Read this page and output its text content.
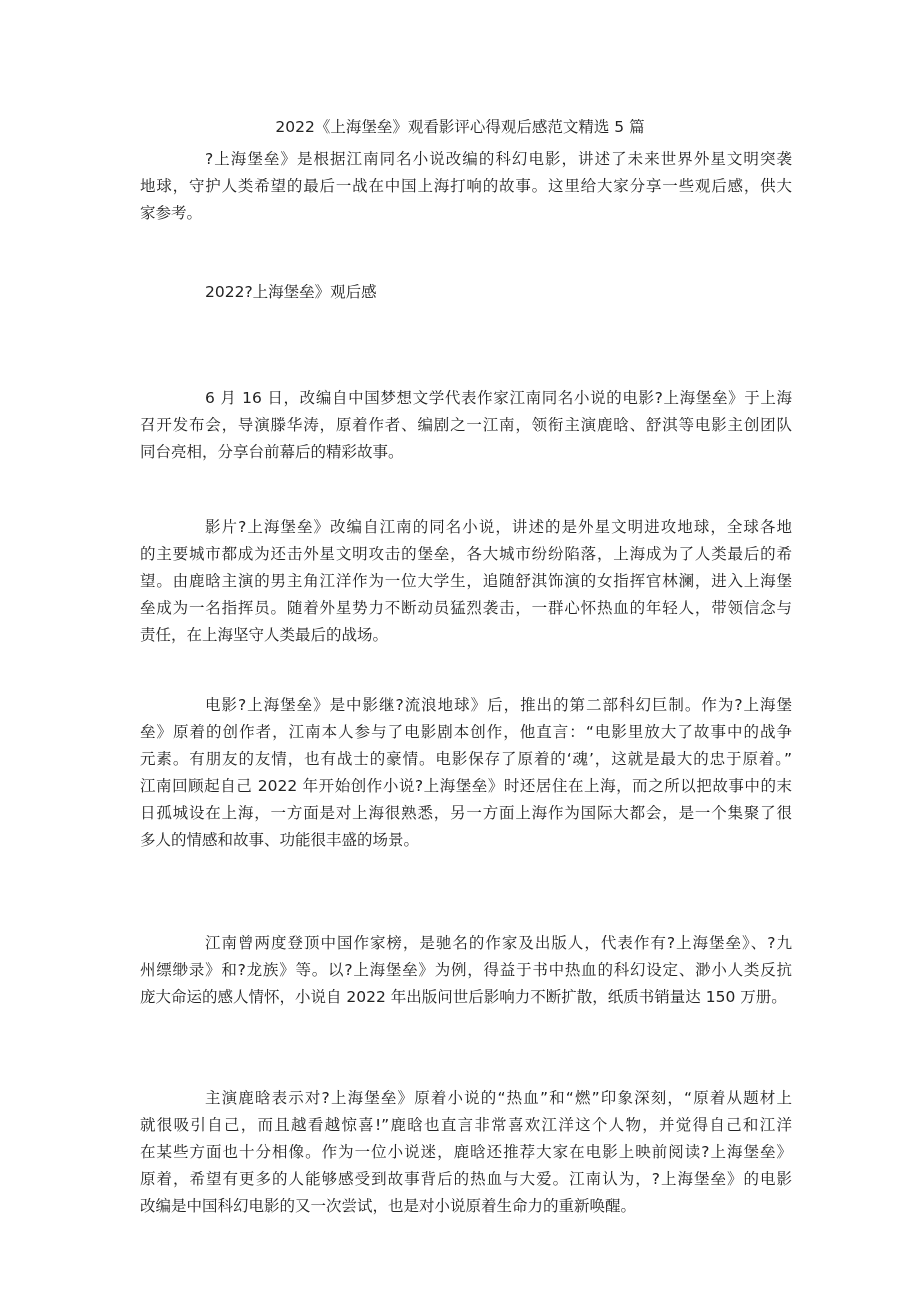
2022《上海堡垒》观看影评心得观后感范文精选 5 篇
?上海堡垒》是根据江南同名小说改编的科幻电影，讲述了未来世界外星文明突袭
地球，守护人类希望的最后一战在中国上海打响的故事。这里给大家分享一些观后感，供大
家参考。
2022?上海堡垒》观后感
6 月 16 日，改编自中国梦想文学代表作家江南同名小说的电影?上海堡垒》于上海
召开发布会，导演滕华涛，原着作者、编剧之一江南，领衔主演鹿晗、舒淇等电影主创团队
同台亮相，分享台前幕后的精彩故事。
影片?上海堡垒》改编自江南的同名小说，讲述的是外星文明进攻地球，全球各地
的主要城市都成为还击外星文明攻击的堡垒，各大城市纷纷陷落，上海成为了人类最后的希
望。由鹿晗主演的男主角江洋作为一位大学生，追随舒淇饰演的女指挥官林澜，进入上海堡
垒成为一名指挥员。随着外星势力不断动员猛烈袭击，一群心怀热血的年轻人，带领信念与
责任，在上海坚守人类最后的战场。
电影?上海堡垒》是中影继?流浪地球》后，推出的第二部科幻巨制。作为?上海堡
垒》原着的创作者，江南本人参与了电影剧本创作，他直言：“电影里放大了故事中的战争
元素。有朋友的友情，也有战士的豪情。电影保存了原着的‘魂’，这就是最大的忠于原着。”
江南回顾起自己 2022 年开始创作小说?上海堡垒》时还居住在上海，而之所以把故事中的末
日孤城设在上海，一方面是对上海很熟悉，另一方面上海作为国际大都会，是一个集聚了很
多人的情感和故事、功能很丰盛的场景。
江南曾两度登顶中国作家榜，是驰名的作家及出版人，代表作有?上海堡垒》、?九
州缥缈录》和?龙族》等。以?上海堡垒》为例，得益于书中热血的科幻设定、渺小人类反抗
庞大命运的感人情怀，小说自 2022 年出版问世后影响力不断扩散，纸质书销量达 150 万册。
主演鹿晗表示对?上海堡垒》原着小说的“热血”和“燃”印象深刻，“原着从题材上
就很吸引自己，而且越看越惊喜!”鹿晗也直言非常喜欢江洋这个人物，并觉得自己和江洋
在某些方面也十分相像。作为一位小说迷，鹿晗还推荐大家在电影上映前阅读?上海堡垒》
原着，希望有更多的人能够感受到故事背后的热血与大爱。江南认为，?上海堡垒》的电影
改编是中国科幻电影的又一次尝试，也是对小说原着生命力的重新唤醒。
